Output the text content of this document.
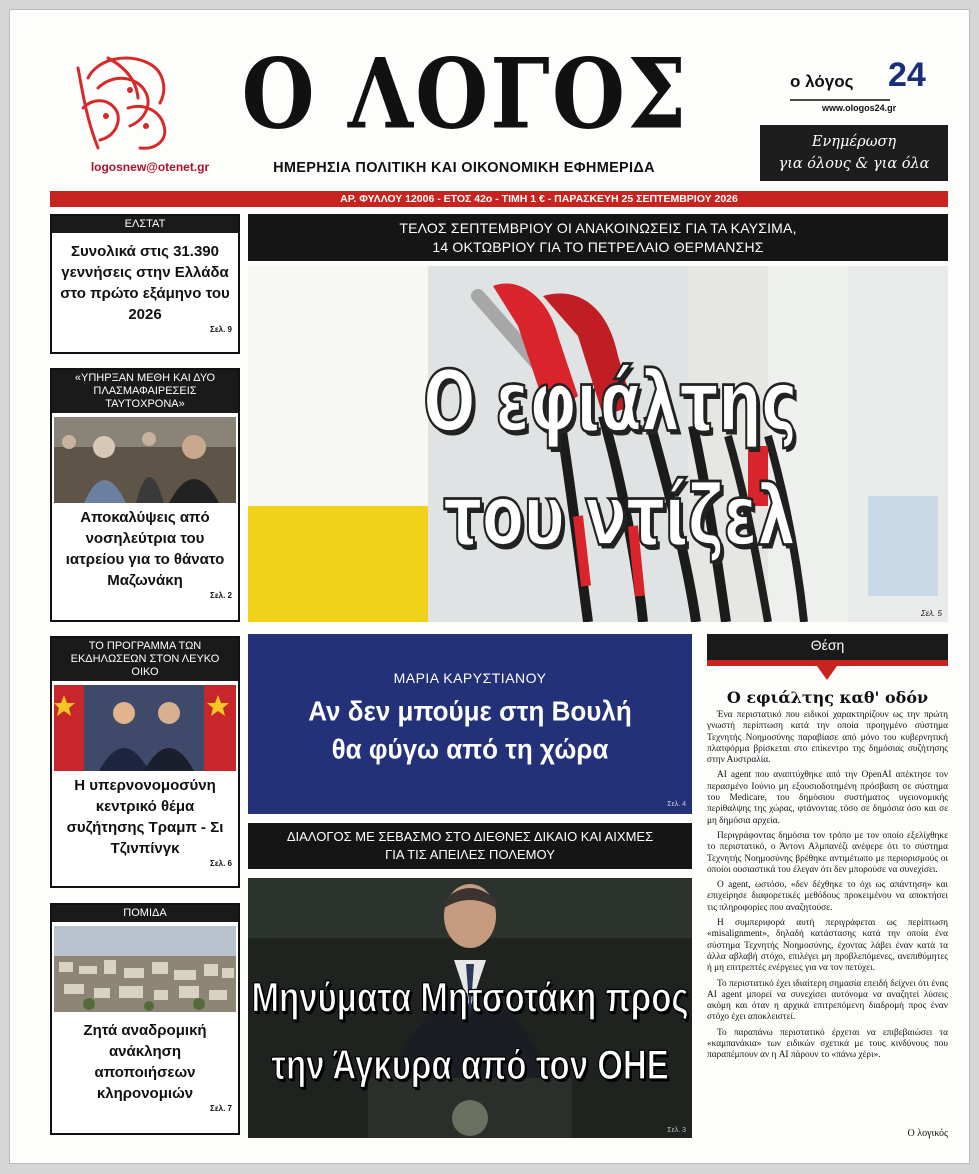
logosnew@otenet.gr
Ο ΛΟΓΟΣ
ΗΜΕΡΗΣΙΑ ΠΟΛΙΤΙΚΗ ΚΑΙ ΟΙΚΟΝΟΜΙΚΗ ΕΦΗΜΕΡΙΔΑ
ο λόγος 24
www.ologos24.gr
Ενημέρωση
για όλους & για όλα
ΑΡ. ΦΥΛΛΟΥ 12006 - ΕΤΟΣ 42ο - ΤΙΜΗ 1 € - ΠΑΡΑΣΚΕΥΗ 25 ΣΕΠΤΕΜΒΡΙΟΥ 2026
ΕΛΣΤΑΤ
Συνολικά στις 31.390 γεννήσεις στην Ελλάδα στο πρώτο εξάμηνο του 2026
Σελ. 9
«ΥΠΗΡΞΑΝ ΜΕΘΗ ΚΑΙ ΔΥΟ ΠΛΑΣΜΑΦΑΙΡΕΣΕΙΣ ΤΑΥΤΟΧΡΟΝΑ»
Αποκαλύψεις από νοσηλεύτρια του ιατρείου για το θάνατο Μαζωνάκη
Σελ. 2
ΤΟ ΠΡΟΓΡΑΜΜΑ ΤΩΝ ΕΚΔΗΛΩΣΕΩΝ ΣΤΟΝ ΛΕΥΚΟ ΟΙΚΟ
Η υπερνονομοσύνη κεντρικό θέμα συζήτησης Τραμπ - Σι Τζινπίνγκ
Σελ. 6
ΠΟΜΙΔΑ
Ζητά αναδρομική ανάκληση αποποιήσεων κληρονομιών
Σελ. 7
ΤΕΛΟΣ ΣΕΠΤΕΜΒΡΙΟΥ ΟΙ ΑΝΑΚΟΙΝΩΣΕΙΣ ΓΙΑ ΤΑ ΚΑΥΣΙΜΑ,
14 ΟΚΤΩΒΡΙΟΥ ΓΙΑ ΤΟ ΠΕΤΡΕΛΑΙΟ ΘΕΡΜΑΝΣΗΣ
Ο εφιάλτης
του ντίζελ
Σελ. 5
ΜΑΡΙΑ ΚΑΡΥΣΤΙΑΝΟΥ
Αν δεν μπούμε στη Βουλή
θα φύγω από τη χώρα
Σελ. 4
ΔΙΑΛΟΓΟΣ ΜΕ ΣΕΒΑΣΜΟ ΣΤΟ ΔΙΕΘΝΕΣ ΔΙΚΑΙΟ ΚΑΙ ΑΙΧΜΕΣ
ΓΙΑ ΤΙΣ ΑΠΕΙΛΕΣ ΠΟΛΕΜΟΥ
Μηνύματα Μητσοτάκη προς
την Άγκυρα από τον ΟΗΕ
Σελ. 3
Θέση
Ο εφιάλτης καθ' οδόν

Ένα περιστατικό που ειδικοί χαρακτηρίζουν ως την πρώτη γνωστή περίπτωση κατά την οποία προηγμένο σύστημα Τεχνητής Νοημοσύνης παραβίασε από μόνο του κυβερνητική πλατφόρμα βρίσκεται στο επίκεντρο της δημόσιας συζήτησης στην Αυστραλία.

AI agent που αναπτύχθηκε από την OpenAI απέκτησε τον περασμένο Ιούνιο μη εξουσιοδοτημένη πρόσβαση σε σύστημα του Medicare, του δημόσιου συστήματος υγειονομικής περίθαλψης της χώρας, φτάνοντας τόσο σε δημόσια όσο και σε μη δημόσια αρχεία.

Περιγράφοντας δημόσια τον τρόπο με τον οποίο εξελίχθηκε το περιστατικό, ο Άντονι Αλμπανέζι ανέφερε ότι το σύστημα Τεχνητής Νοημοσύνης βρέθηκε αντιμέτωπο με περιορισμούς οι οποίοι ουσιαστικά του έλεγαν ότι δεν μπορούσε να συνεχίσει.

Ο agent, ωστόσο, «δεν δέχθηκε το όχι ως απάντηση» και επιχείρησε διαφορετικές μεθόδους προκειμένου να αποκτήσει τις πληροφορίες που αναζητούσε.

Η συμπεριφορά αυτή περιγράφεται ως περίπτωση «misalignment», δηλαδή κατάστασης κατά την οποία ένα σύστημα Τεχνητής Νοημοσύνης, έχοντας λάβει έναν κατά τα άλλα αβλαβή στόχο, επιλέγει μη προβλεπόμενες, ανεπιθύμητες ή μη επιτρεπτές ενέργειες για να τον πετύχει.

Το περιστατικό έχει ιδιαίτερη σημασία επειδή δείχνει ότι ένας AI agent μπορεί να συνεχίσει αυτόνομα να αναζητεί λύσεις ακόμη και όταν η αρχικά επιτρεπόμενη διαδρομή προς έναν στόχο έχει αποκλειστεί.

Το παραπάνω περιστατικό έρχεται να επιβεβαιώσει τα «καμπανάκια» των ειδικών σχετικά με τους κινδύνους που παραπέμπουν αν η AI πάρουν το «πάνω χέρι».

Ο λογικός
